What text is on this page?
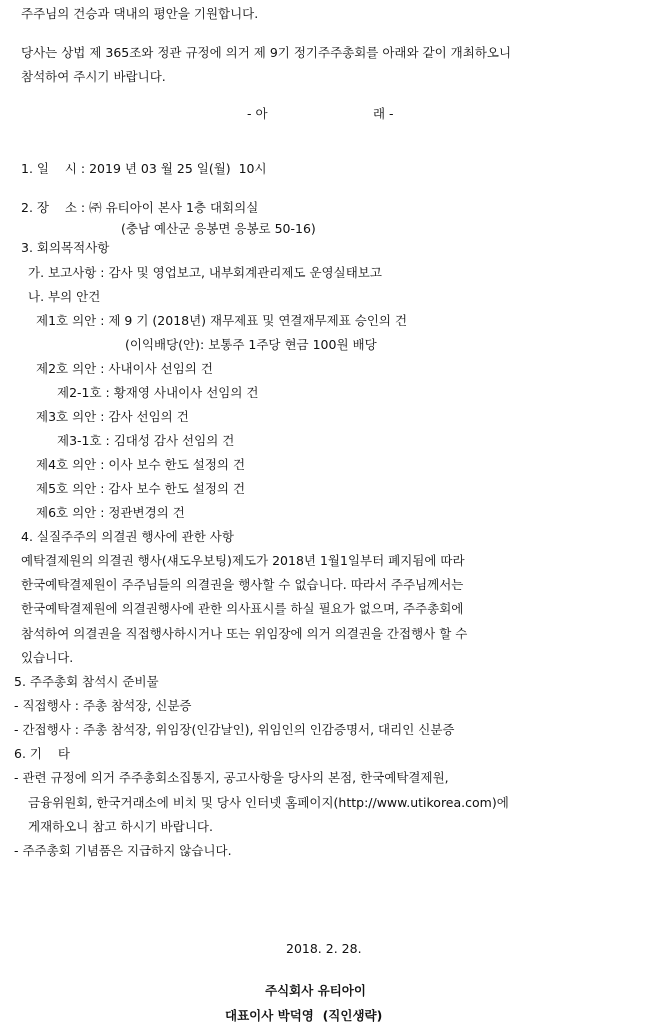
주주님의 건승과 댁내의 평안을 기원합니다.
당사는 상법 제 365조와 정관 규정에 의거 제 9기 정기주주총회를 아래와 같이 개최하오니
참석하여 주시기 바랍니다.
- 아	래 -
1. 일    시 : 2019 년 03 월 25 일(월)  10시
2. 장    소 : ㈜ 유티아이 본사 1층 대회의실
(충남 예산군 응봉면 응봉로 50-16)
3. 회의목적사항
가. 보고사항 : 감사 및 영업보고, 내부회계관리제도 운영실태보고
나. 부의 안건
제1호 의안 : 제 9 기 (2018년) 재무제표 및 연결재무제표 승인의 건
(이익배당(안): 보통주 1주당 현금 100원 배당
제2호 의안 : 사내이사 선임의 건
제2-1호 : 황재영 사내이사 선임의 건
제3호 의안 : 감사 선임의 건
제3-1호 : 김대성 감사 선임의 건
제4호 의안 : 이사 보수 한도 설정의 건
제5호 의안 : 감사 보수 한도 설정의 건
제6호 의안 : 정관변경의 건
4. 실질주주의 의결권 행사에 관한 사항
예탁결제원의 의결권 행사(섀도우보팅)제도가 2018년 1월1일부터 폐지됨에 따라
한국예탁결제원이 주주님들의 의결권을 행사할 수 없습니다. 따라서 주주님께서는
한국예탁결제원에 의결권행사에 관한 의사표시를 하실 필요가 없으며, 주주총회에
참석하여 의결권을 직접행사하시거나 또는 위임장에 의거 의결권을 간접행사 할 수
있습니다.
5. 주주총회 참석시 준비물
- 직접행사 : 주총 참석장, 신분증
- 간접행사 : 주총 참석장, 위임장(인감날인), 위임인의 인감증명서, 대리인 신분증
6. 기    타
- 관련 규정에 의거 주주총회소집통지, 공고사항을 당사의 본점, 한국예탁결제원,
금융위원회, 한국거래소에 비치 및 당사 인터넷 홈페이지(http://www.utikorea.com)에
게재하오니 참고 하시기 바랍니다.
- 주주총회 기념품은 지급하지 않습니다.
2018. 2. 28.
주식회사 유티아이
대표이사 박덕영  (직인생략)
